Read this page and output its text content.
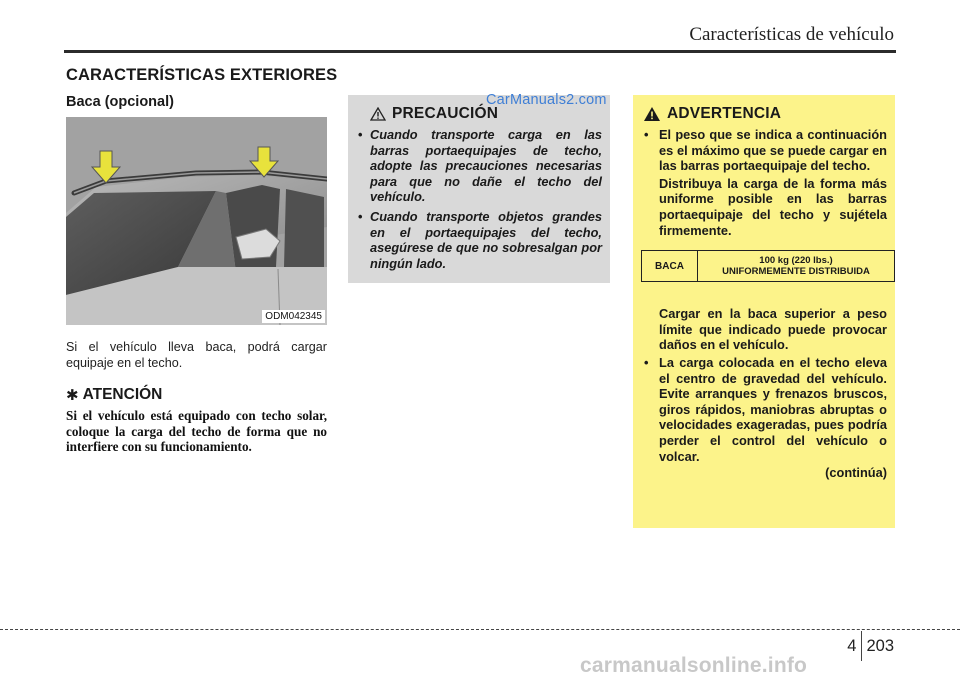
Características de vehículo
CARACTERÍSTICAS EXTERIORES
Baca (opcional)
ODM042345
Si el vehículo lleva baca, podrá cargar equipaje en el techo.
✱ ATENCIÓN
Si el vehículo está equipado con techo solar, coloque la carga del techo de forma que no interfiere con su funcionamiento.
PRECAUCIÓN
• Cuando transporte carga en las barras portaequipajes de techo, adopte las precauciones necesarias para que no dañe el techo del vehículo.
• Cuando transporte objetos grandes en el portaequipajes del techo, asegúrese de que no sobresalgan por ningún lado.
CarManuals2.com
ADVERTENCIA
• El peso que se indica a continuación es el máximo que se puede cargar en las barras portaequipaje del techo.
Distribuya la carga de la forma más uniforme posible en las barras portaequipaje del techo y sujétela firmemente.
BACA	100 kg (220 lbs.)
UNIFORMEMENTE DISTRIBUIDA
Cargar en la baca superior a peso límite que indicado puede provocar daños en el vehículo.
• La carga colocada en el techo eleva el centro de gravedad del vehículo. Evite arranques y frenazos bruscos, giros rápidos, maniobras abruptas o velocidades exageradas, pues podría perder el control del vehículo o volcar.
(continúa)
4 203
carmanualsonline.info
